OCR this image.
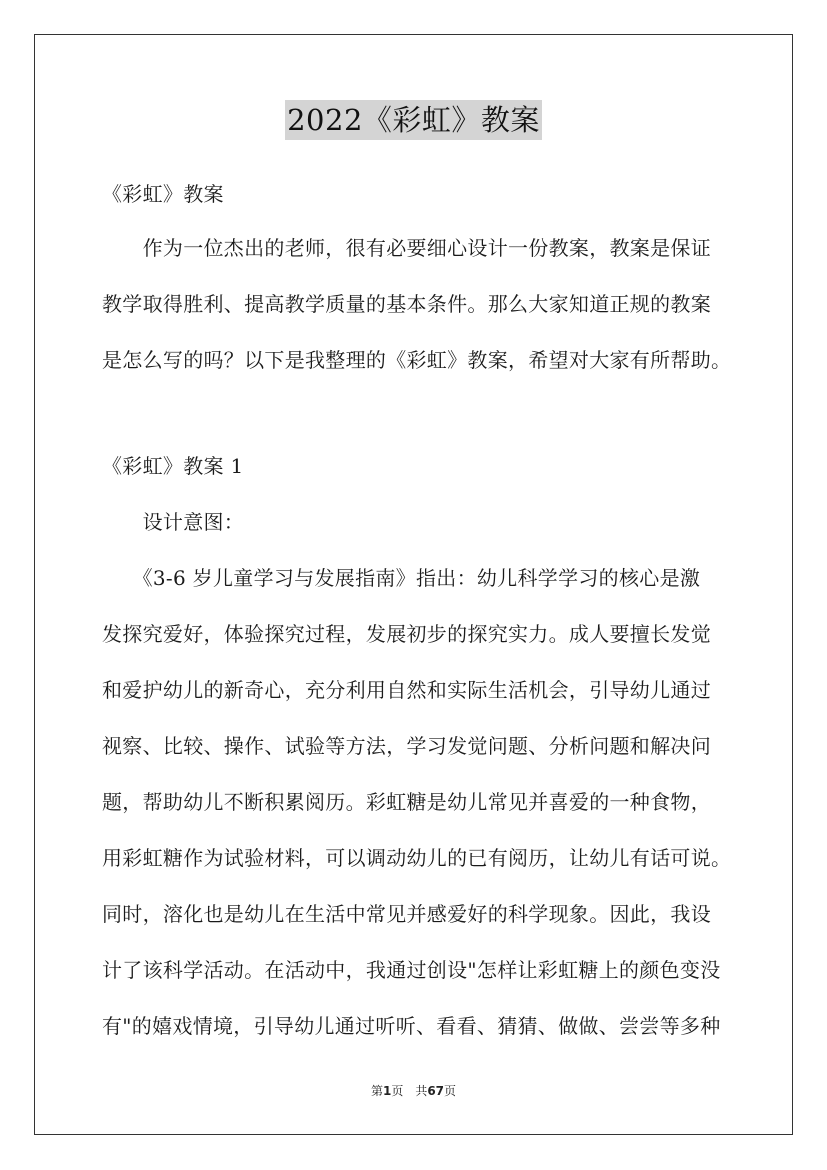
2022《彩虹》教案
《彩虹》教案
　　作为一位杰出的老师，很有必要细心设计一份教案，教案是保证
教学取得胜利、提高教学质量的基本条件。那么大家知道正规的教案
是怎么写的吗？以下是我整理的《彩虹》教案，希望对大家有所帮助。
《彩虹》教案 1
　　设计意图：
　　《3-6 岁儿童学习与发展指南》指出：幼儿科学学习的核心是激
发探究爱好，体验探究过程，发展初步的探究实力。成人要擅长发觉
和爱护幼儿的新奇心，充分利用自然和实际生活机会，引导幼儿通过
视察、比较、操作、试验等方法，学习发觉问题、分析问题和解决问
题，帮助幼儿不断积累阅历。彩虹糖是幼儿常见并喜爱的一种食物，
用彩虹糖作为试验材料，可以调动幼儿的已有阅历，让幼儿有话可说。
同时，溶化也是幼儿在生活中常见并感爱好的科学现象。因此，我设
计了该科学活动。在活动中，我通过创设"怎样让彩虹糖上的颜色变没
有"的嬉戏情境，引导幼儿通过听听、看看、猜猜、做做、尝尝等多种
第1页　共67页
